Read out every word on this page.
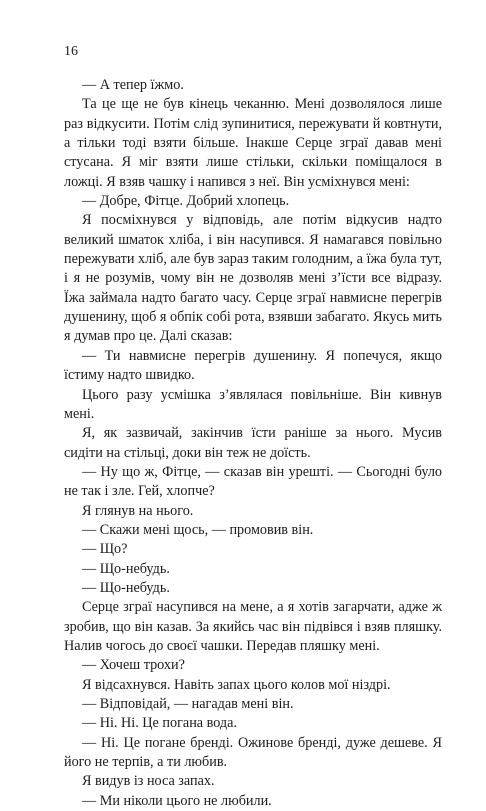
16

— А тепер їжмо.

Та це ще не був кінець чеканню. Мені дозволялося лише раз відкусити. Потім слід зупинитися, пережувати й ковтнути, а тільки тоді взяти більше. Інакше Серце зграї давав мені стусана. Я міг взяти лише стільки, скільки поміщалося в ложці. Я взяв чашку і напився з неї. Він усміхнувся мені:

— Добре, Фітце. Добрий хлопець.

Я посміхнувся у відповідь, але потім відкусив надто великий шматок хліба, і він насупився. Я намагався повільно пережувати хліб, але був зараз таким голодним, а їжа була тут, і я не розумів, чому він не дозволяв мені з’їсти все відразу. Їжа займала надто багато часу. Серце зграї навмисне перегрів душенину, щоб я обпік собі рота, взявши забагато. Якусь мить я думав про це. Далі сказав:

— Ти навмисне перегрів душенину. Я попечуся, якщо їстиму надто швидко.

Цього разу усмішка з’являлася повільніше. Він кивнув мені.

Я, як зазвичай, закінчив їсти раніше за нього. Мусив сидіти на стільці, доки він теж не доїсть.

— Ну що ж, Фітце, — сказав він урешті. — Сьогодні було не так і зле. Гей, хлопче?

Я глянув на нього.

— Скажи мені щось, — промовив він.

— Що?

— Що-небудь.

— Що-небудь.

Серце зграї насупився на мене, а я хотів загарчати, адже ж зробив, що він казав. За якийсь час він підвівся і взяв пляшку. Налив чогось до своєї чашки. Передав пляшку мені.

— Хочеш трохи?

Я відсахнувся. Навіть запах цього колов мої ніздрі.

— Відповідай, — нагадав мені він.

— Ні. Ні. Це погана вода.

— Ні. Це погане бренді. Ожинове бренді, дуже дешеве. Я його не терпів, а ти любив.

Я видув із носа запах.

— Ми ніколи цього не любили.
